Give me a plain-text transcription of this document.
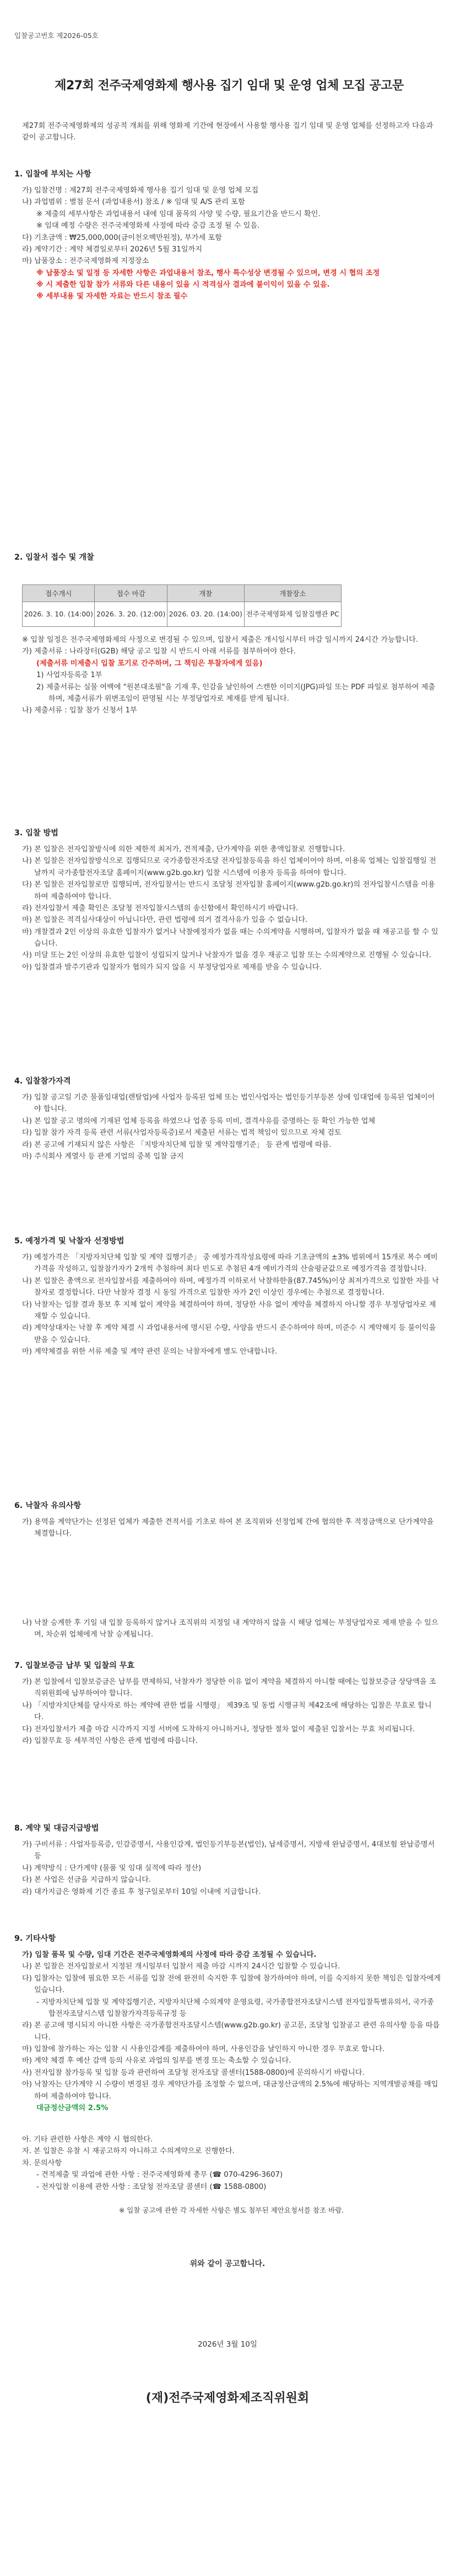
입찰공고번호 제2026-05호
제27회 전주국제영화제 행사용 집기 임대 및 운영 업체 모집 공고문

제27회 전주국제영화제의 성공적 개최를 위해 영화제 기간에 현장에서 사용할 행사용 집기 임대 및 운영 업체를 선정하고자 다음과 같이 공고합니다.

1. 입찰에 부치는 사항

가) 입찰건명 : 제27회 전주국제영화제 행사용 집기 임대 및 운영 업체 모집

나) 과업범위 : 별첨 문서 (과업내용서) 참조 / ※ 임대 및 A/S 관리 포함

※ 제출의 세부사항은 과업내용서 내에 임대 품목의 사양 및 수량, 필요기간을 반드시 확인.

※ 임대 예정 수량은 전주국제영화제 사정에 따라 증감 조정 될 수 있음.

다) 기초금액 : ₩25,000,000(금이천오백만원정), 부가세 포함

라) 계약기간 : 계약 체결일로부터 2026년 5월 31일까지

마) 납품장소 : 전주국제영화제 지정장소

※ 납품장소 및 일정 등 자세한 사항은 과업내용서 참조, 행사 특수성상 변경될 수 있으며, 변경 시 협의 조정

※ 시 제출한 입찰 참가 서류와 다른 내용이 있을 시 적격심사 결과에 불이익이 있을 수 있음.

※ 세부내용 및 자세한 자료는 반드시 참조 필수

2. 입찰서 접수 및 개찰
접수개시	접수 마감	개찰	개찰장소
2026. 3. 10. (14:00)	2026. 3. 20. (12:00)	2026. 03. 20. (14:00)	전주국제영화제 입찰집행관 PC

※ 입찰 일정은 전주국제영화제의 사정으로 변경될 수 있으며, 입찰서 제출은 개시일시부터 마감 일시까지 24시간 가능합니다.

가) 제출서류 : 나라장터(G2B) 해당 공고 입찰 시 반드시 아래 서류를 첨부하여야 한다.

(제출서류 미제출시 입찰 포기로 간주하며, 그 책임은 투찰자에게 있음)

1) 사업자등록증 1부

2) 제출서류는 실물 여백에 "원본대조필"을 기재 후, 인감을 날인하여 스캔한 이미지(JPG)파일 또는 PDF 파일로 첨부하여 제출하며, 제출서류가 위변조임이 판명될 시는 부정당업자로 제재를 받게 됩니다.

나) 제출서류 : 입찰 참가 신청서 1부

3. 입찰 방법

가) 본 입찰은 전자입찰방식에 의한 제한적 최저가, 견적제출, 단가계약을 위한 총액입찰로 진행합니다.

나) 본 입찰은 전자입찰방식으로 집행되므로 국가종합전자조달 전자입찰등록을 하신 업체이어야 하며, 이용록 업체는 입찰집행일 전날까지 국가종합전자조달 홈페이지(www.g2b.go.kr) 입찰 시스템에 이용자 등록을 하여야 합니다.

다) 본 입찰은 전자입찰로만 집행되며, 전자입찰서는 반드시 조달청 전자입찰 홈페이지(www.g2b.go.kr)의 전자입찰시스템을 이용하여 제출하여야 합니다.

라) 전자입찰서 제출 확인은 조달청 전자입찰시스템의 송신함에서 확인하시기 바랍니다.

마) 본 입찰은 적격심사대상이 아닙니다만, 관련 법령에 의거 결격사유가 있을 수 없습니다.

바) 개찰결과 2인 이상의 유효한 입찰자가 없거나 낙찰예정자가 없을 때는 수의계약을 시행하며, 입찰자가 없을 때 재공고를 할 수 있습니다.

사) 미달 또는 2인 이상의 유효한 입찰이 성립되지 않거나 낙찰자가 없을 경우 재공고 입찰 또는 수의계약으로 진행될 수 있습니다.

아) 입찰결과 발주기관과 입찰자가 협의가 되지 않을 시 부정당업자로 제재를 받을 수 있습니다.

4. 입찰참가자격

가) 입찰 공고일 기준 물품임대업(렌탈업)에 사업자 등록된 업체 또는 법인사업자는 법인등기부등본 상에 임대업에 등록된 업체이어야 합니다.

나) 본 입찰 공고 명의에 기재된 업체 등록을 하였으나 업종 등록 미비, 결격사유를 증명하는 등 확인 가능한 업체

다) 입찰 참가 자격 등록 관련 서류(사업자등록증)로서 제출된 서류는 법적 책임이 있으므로 자체 검토

라) 본 공고에 기재되지 않은 사항은 「지방자치단체 입찰 및 계약집행기준」 등 관계 법령에 따름.

마) 주식회사 계열사 등 관계 기업의 중복 입찰 금지

5. 예정가격 및 낙찰자 선정방법

가) 예정가격은 「지방자치단체 입찰 및 계약 집행기준」 중 예정가격작성요령에 따라 기초금액의 ±3% 범위에서 15개로 복수 예비가격을 작성하고, 입찰참가자가 2개씩 추첨하여 최다 빈도로 추첨된 4개 예비가격의 산술평균값으로 예정가격을 결정합니다.

나) 본 입찰은 총액으로 전자입찰서를 제출하여야 하며, 예정가격 이하로서 낙찰하한율(87.745%)이상 최저가격으로 입찰한 자를 낙찰자로 결정합니다. 다만 낙찰자 결정 시 동일 가격으로 입찰한 자가 2인 이상인 경우에는 추첨으로 결정합니다.

다) 낙찰자는 입찰 결과 통보 후 지체 없이 계약을 체결하여야 하며, 정당한 사유 없이 계약을 체결하지 아니할 경우 부정당업자로 제재할 수 있습니다.

라) 계약상대자는 낙찰 후 계약 체결 시 과업내용서에 명시된 수량, 사양을 반드시 준수하여야 하며, 미준수 시 계약해지 등 불이익을 받을 수 있습니다.

마) 계약체결을 위한 서류 제출 및 계약 관련 문의는 낙찰자에게 별도 안내합니다.

6. 낙찰자 유의사항

가) 용역을 계약단가는 선정된 업체가 제출한 견적서를 기초로 하여 본 조직위와 선정업체 간에 협의한 후 적정금액으로 단가계약을 체결합니다.

나) 낙찰 승계한 후 기일 내 입찰 등록하지 않거나 조직위의 지정일 내 계약하지 않을 시 해당 업체는 부정당업자로 제재 받을 수 있으며, 차순위 업체에게 낙찰 승계됩니다.

7. 입찰보증금 납부 및 입찰의 무효

가) 본 입찰에서 입찰보증금은 납부를 면제하되, 낙찰자가 정당한 이유 없이 계약을 체결하지 아니할 때에는 입찰보증금 상당액을 조직위원회에 납부하여야 합니다.

나) 「지방자치단체를 당사자로 하는 계약에 관한 법률 시행령」 제39조 및 동법 시행규칙 제42조에 해당하는 입찰은 무효로 합니다.

다) 전자입찰서가 제출 마감 시각까지 지정 서버에 도착하지 아니하거나, 정당한 절차 없이 제출된 입찰서는 무효 처리됩니다.

라) 입찰무효 등 세부적인 사항은 관계 법령에 따릅니다.

8. 계약 및 대금지급방법

가) 구비서류 : 사업자등록증, 인감증명서, 사용인감계, 법인등기부등본(법인), 납세증명서, 지방세 완납증명서, 4대보험 완납증명서 등

나) 계약방식 : 단가계약 (물품 및 임대 실적에 따라 정산)

다) 본 사업은 선금을 지급하지 않습니다.

라) 대가지급은 영화제 기간 종료 후 청구일로부터 10일 이내에 지급합니다.

9. 기타사항

가) 입찰 품목 및 수량, 임대 기간은 전주국제영화제의 사정에 따라 증감 조정될 수 있습니다.

나) 본 입찰은 전자입찰로서 지정된 개시일부터 입찰서 제출 마감 시까지 24시간 입찰할 수 있습니다.

다) 입찰자는 입찰에 필요한 모든 서류를 입찰 전에 완전히 숙지한 후 입찰에 참가하여야 하며, 이를 숙지하지 못한 책임은 입찰자에게 있습니다.

- 지방자치단체 입찰 및 계약집행기준, 지방자치단체 수의계약 운영요령, 국가종합전자조달시스템 전자입찰특별유의서, 국가종합전자조달시스템 입찰참가자격등록규정 등

라) 본 공고에 명시되지 아니한 사항은 국가종합전자조달시스템(www.g2b.go.kr) 공고문, 조달청 입찰공고 관련 유의사항 등을 따릅니다.

마) 입찰에 참가하는 자는 입찰 시 사용인감계를 제출하여야 하며, 사용인감을 날인하지 아니한 경우 무효로 합니다.

바) 계약 체결 후 예산 감액 등의 사유로 과업의 일부를 변경 또는 축소할 수 있습니다.

사) 전자입찰 참가등록 및 입찰 등과 관련하여 조달청 전자조달 콜센터(1588-0800)에 문의하시기 바랍니다.

아) 낙찰자는 단가계약 시 수량이 변경된 경우 계약단가를 조정할 수 없으며, 대금정산금액의 2.5%에 해당하는 지역개발공채를 매입하여 제출하여야 합니다.

대금정산금액의 2.5%

아. 기타 관련한 사항은 계약 시 협의한다.

자. 본 입찰은 유찰 시 재공고하지 아니하고 수의계약으로 진행한다.

차. 문의사항

- 견적제출 및 과업에 관한 사항 : 전주국제영화제 총무 (☎ 070-4296-3607)

- 전자입찰 이용에 관한 사항 : 조달청 전자조달 콜센터 (☎ 1588-0800)

※ 입찰 공고에 관한 각 자세한 사항은 별도 첨부된 제안요청서를 참조 바람.

위와 같이 공고합니다.
2026년 3월 10일
(재)전주국제영화제조직위원회
